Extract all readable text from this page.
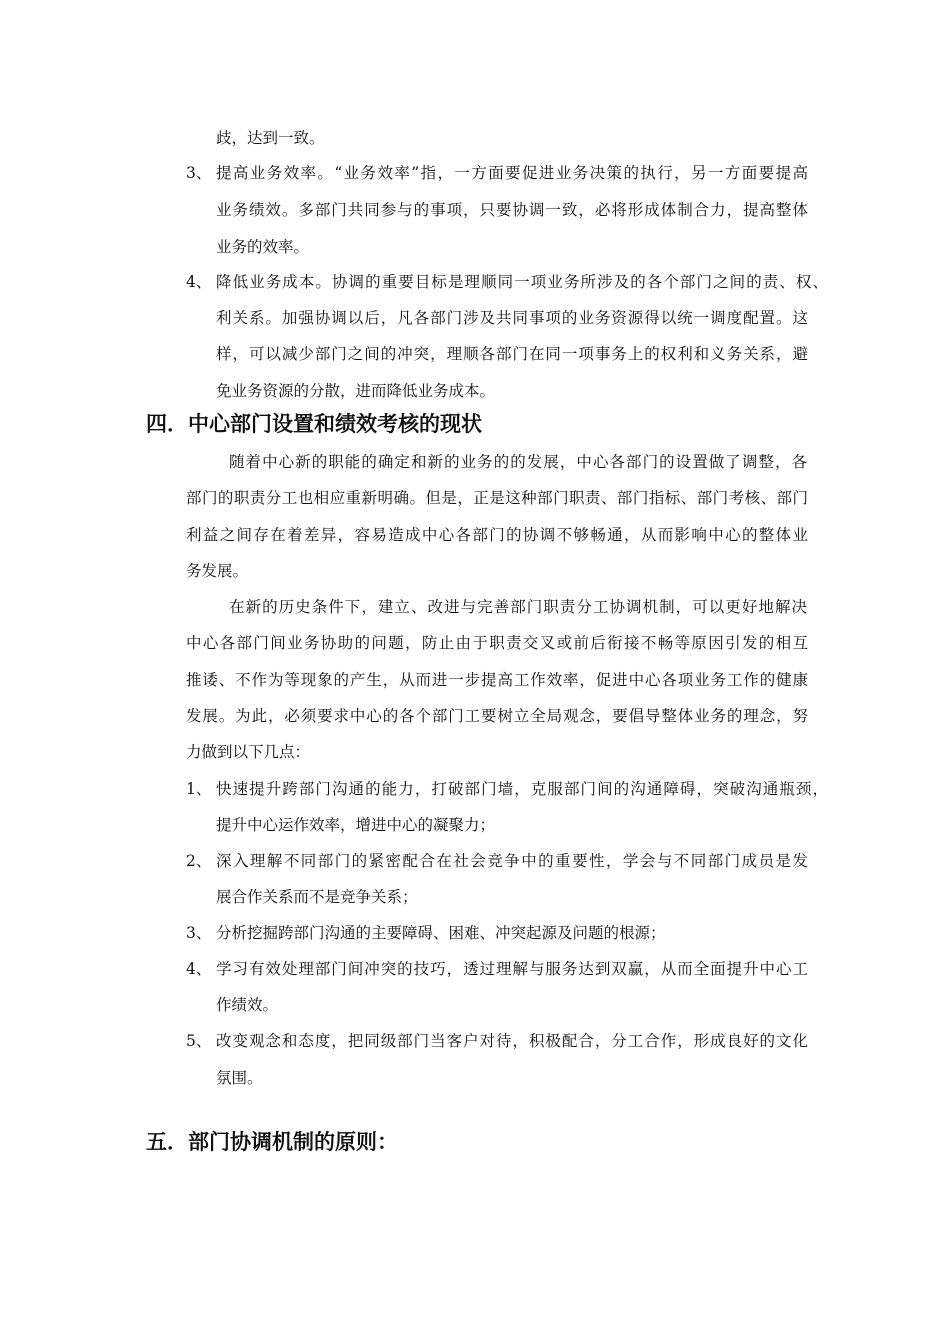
歧，达到一致。
3、 提高业务效率。“业务效率”指，一方面要促进业务决策的执行，另一方面要提高
业务绩效。多部门共同参与的事项，只要协调一致，必将形成体制合力，提高整体
业务的效率。
4、 降低业务成本。协调的重要目标是理顺同一项业务所涉及的各个部门之间的责、权、
利关系。加强协调以后，凡各部门涉及共同事项的业务资源得以统一调度配置。这
样，可以减少部门之间的冲突，理顺各部门在同一项事务上的权利和义务关系，避
免业务资源的分散，进而降低业务成本。
四．中心部门设置和绩效考核的现状
随着中心新的职能的确定和新的业务的的发展，中心各部门的设置做了调整，各
部门的职责分工也相应重新明确。但是，正是这种部门职责、部门指标、部门考核、部门
利益之间存在着差异，容易造成中心各部门的协调不够畅通，从而影响中心的整体业
务发展。
在新的历史条件下，建立、改进与完善部门职责分工协调机制，可以更好地解决
中心各部门间业务协助的问题，防止由于职责交叉或前后衔接不畅等原因引发的相互
推诿、不作为等现象的产生，从而进一步提高工作效率，促进中心各项业务工作的健康
发展。为此，必须要求中心的各个部门工要树立全局观念，要倡导整体业务的理念，努
力做到以下几点：
1、 快速提升跨部门沟通的能力，打破部门墙，克服部门间的沟通障碍，突破沟通瓶颈，
提升中心运作效率，增进中心的凝聚力；
2、 深入理解不同部门的紧密配合在社会竞争中的重要性，学会与不同部门成员是发
展合作关系而不是竞争关系；
3、 分析挖掘跨部门沟通的主要障碍、困难、冲突起源及问题的根源；
4、 学习有效处理部门间冲突的技巧，透过理解与服务达到双赢，从而全面提升中心工
作绩效。
5、 改变观念和态度，把同级部门当客户对待，积极配合，分工合作，形成良好的文化
氛围。
五．部门协调机制的原则：
